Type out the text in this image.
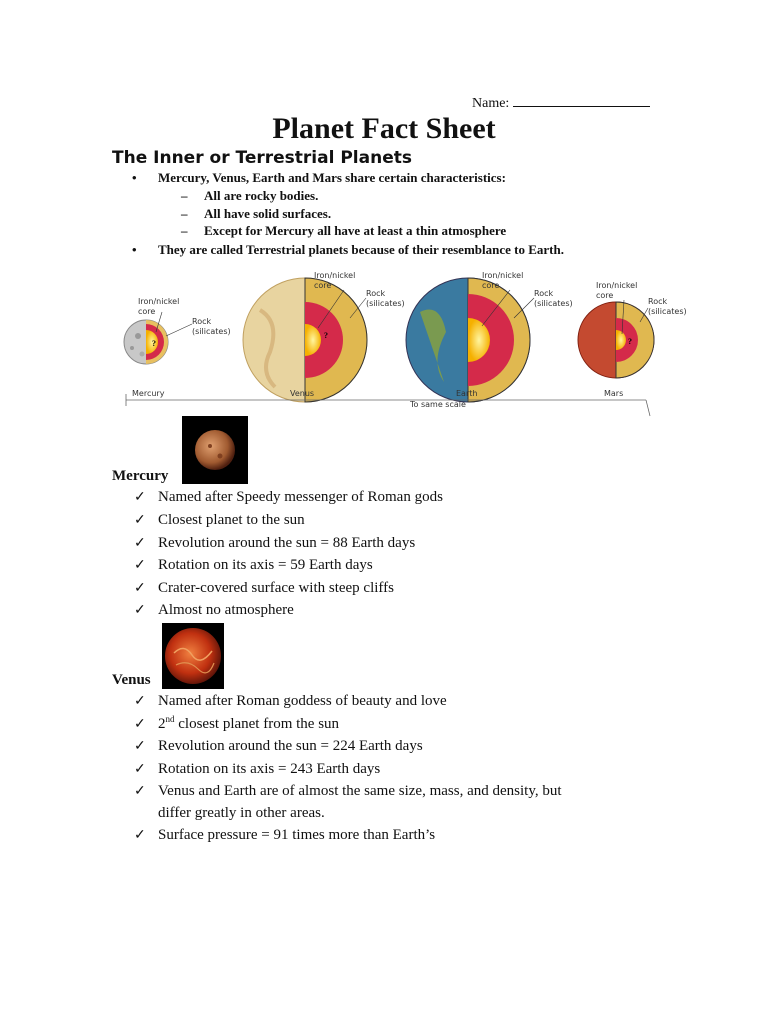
Name:
Planet Fact Sheet
The Inner or Terrestrial Planets
• Mercury, Venus, Earth and Mars share certain characteristics:
– All are rocky bodies.
– All have solid surfaces.
– Except for Mercury all have at least a thin atmosphere
• They are called Terrestrial planets because of their resemblance to Earth.
?
Iron/nickel
core
Rock
(silicates)
Mercury
?
Iron/nickel
core
Rock
(silicates)
Venus
Iron/nickel
core
Rock
(silicates)
Earth
?
Iron/nickel
core
Rock
(silicates)
Mars
To same scale
Mercury
✓ Named after Speedy messenger of Roman gods
✓ Closest planet to the sun
✓ Revolution around the sun = 88 Earth days
✓ Rotation on its axis = 59 Earth days
✓ Crater-covered surface with steep cliffs
✓ Almost no atmosphere
Venus
✓ Named after Roman goddess of beauty and love
✓ 2nd closest planet from the sun
✓ Revolution around the sun = 224 Earth days
✓ Rotation on its axis = 243 Earth days
✓ Venus and Earth are of almost the same size, mass, and density, but
differ greatly in other areas.
✓ Surface pressure = 91 times more than Earth’s
